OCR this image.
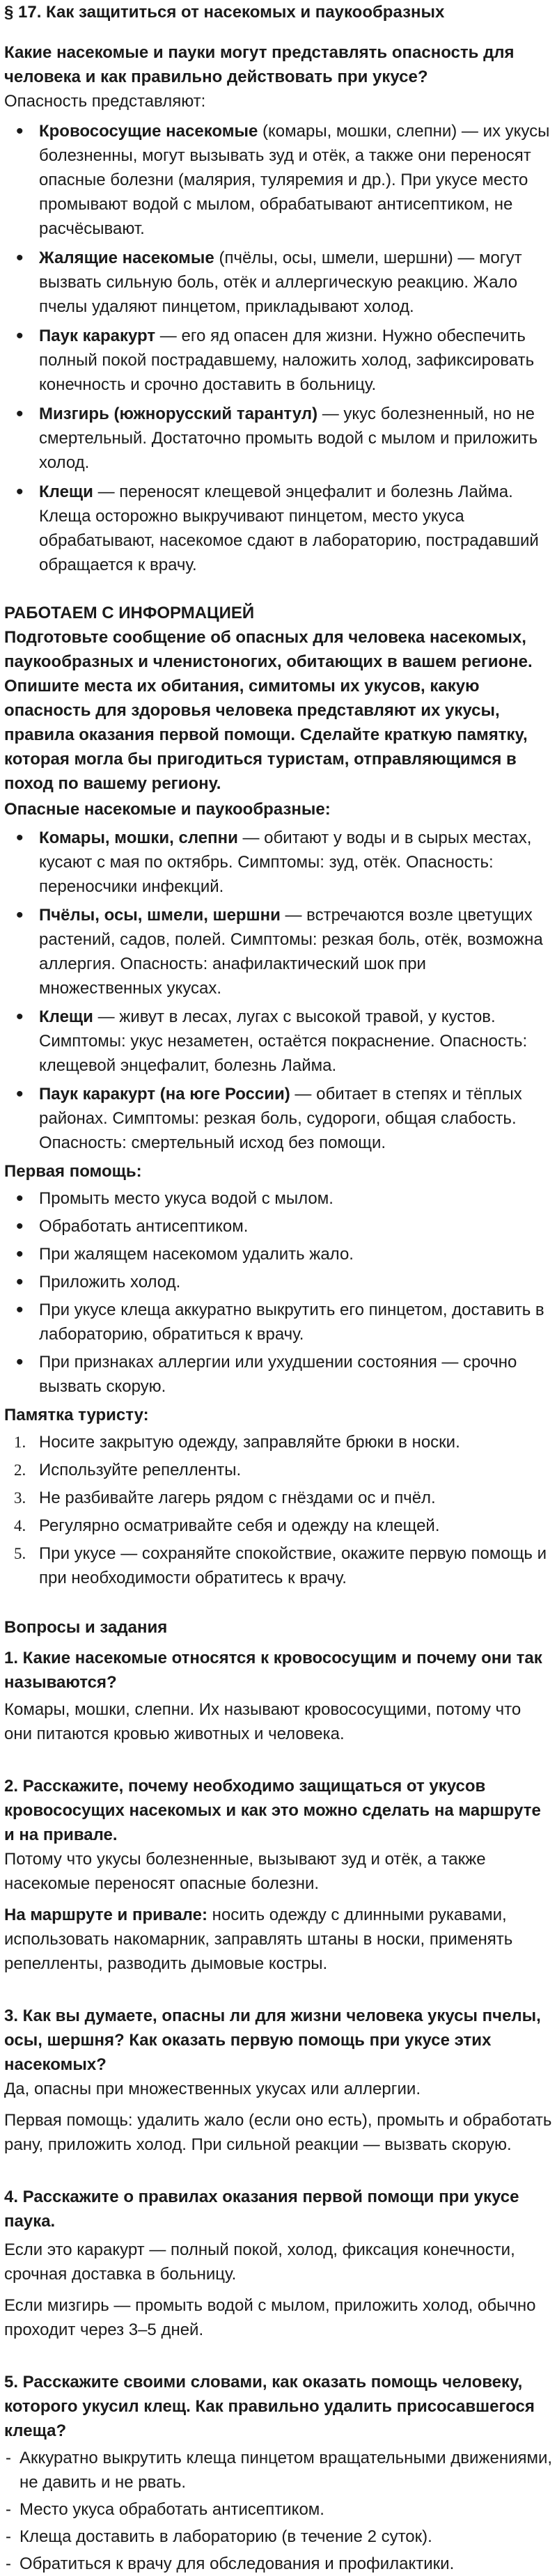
§ 17. Как защититься от насекомых и паукообразных

Какие насекомые и пауки могут представлять опасность для человека и как правильно действовать при укусе?

Опасность представляют:

• Кровососущие насекомые (комары, мошки, слепни) — их укусы болезненны, могут вызывать зуд и отёк, а также они переносят опасные болезни (малярия, туляремия и др.). При укусе место промывают водой с мылом, обрабатывают антисептиком, не расчёсывают.
• Жалящие насекомые (пчёлы, осы, шмели, шершни) — могут вызвать сильную боль, отёк и аллергическую реакцию. Жало пчелы удаляют пинцетом, прикладывают холод.
• Паук каракурт — его яд опасен для жизни. Нужно обеспечить полный покой пострадавшему, наложить холод, зафиксировать конечность и срочно доставить в больницу.
• Мизгирь (южнорусский тарантул) — укус болезненный, но не смертельный. Достаточно промыть водой с мылом и приложить холод.
• Клещи — переносят клещевой энцефалит и болезнь Лайма. Клеща осторожно выкручивают пинцетом, место укуса обрабатывают, насекомое сдают в лабораторию, пострадавший обращается к врачу.

РАБОТАЕМ С ИНФОРМАЦИЕЙ

Подготовьте сообщение об опасных для человека насекомых, паукообразных и членистоногих, обитающих в вашем регионе. Опишите места их обитания, симитомы их укусов, какую опасность для здоровья человека представляют их укусы, правила оказания первой помощи. Сделайте краткую памятку, которая могла бы пригодиться туристам, отправляющимся в поход по вашему региону.

Опасные насекомые и паукообразные:

• Комары, мошки, слепни — обитают у воды и в сырых местах, кусают с мая по октябрь. Симптомы: зуд, отёк. Опасность: переносчики инфекций.
• Пчёлы, осы, шмели, шершни — встречаются возле цветущих растений, садов, полей. Симптомы: резкая боль, отёк, возможна аллергия. Опасность: анафилактический шок при множественных укусах.
• Клещи — живут в лесах, лугах с высокой травой, у кустов. Симптомы: укус незаметен, остаётся покраснение. Опасность: клещевой энцефалит, болезнь Лайма.
• Паук каракурт (на юге России) — обитает в степях и тёплых районах. Симптомы: резкая боль, судороги, общая слабость. Опасность: смертельный исход без помощи.

Первая помощь:

• Промыть место укуса водой с мылом.
• Обработать антисептиком.
• При жалящем насекомом удалить жало.
• Приложить холод.
• При укусе клеща аккуратно выкрутить его пинцетом, доставить в лабораторию, обратиться к врачу.
• При признаках аллергии или ухудшении состояния — срочно вызвать скорую.

Памятка туристу:

1. Носите закрытую одежду, заправляйте брюки в носки.
2. Используйте репелленты.
3. Не разбивайте лагерь рядом с гнёздами ос и пчёл.
4. Регулярно осматривайте себя и одежду на клещей.
5. При укусе — сохраняйте спокойствие, окажите первую помощь и при необходимости обратитесь к врачу.

Вопросы и задания

1. Какие насекомые относятся к кровососущим и почему они так называются?

Комары, мошки, слепни. Их называют кровососущими, потому что они питаются кровью животных и человека.

2. Расскажите, почему необходимо защищаться от укусов кровососущих насекомых и как это можно сделать на маршруте и на привале.

Потому что укусы болезненные, вызывают зуд и отёк, а также насекомые переносят опасные болезни.

На маршруте и привале: носить одежду с длинными рукавами, использовать накомарник, заправлять штаны в носки, применять репелленты, разводить дымовые костры.

3. Как вы думаете, опасны ли для жизни человека укусы пчелы, осы, шершня? Как оказать первую помощь при укусе этих насекомых?

Да, опасны при множественных укусах или аллергии.

Первая помощь: удалить жало (если оно есть), промыть и обработать рану, приложить холод. При сильной реакции — вызвать скорую.

4. Расскажите о правилах оказания первой помощи при укусе паука.

Если это каракурт — полный покой, холод, фиксация конечности, срочная доставка в больницу.

Если мизгирь — промыть водой с мылом, приложить холод, обычно проходит через 3–5 дней.

5. Расскажите своими словами, как оказать помощь человеку, которого укусил клещ. Как правильно удалить присосавшегося клеща?

- Аккуратно выкрутить клеща пинцетом вращательными движениями, не давить и не рвать.
- Место укуса обработать антисептиком.
- Клеща доставить в лабораторию (в течение 2 суток).
- Обратиться к врачу для обследования и профилактики.
